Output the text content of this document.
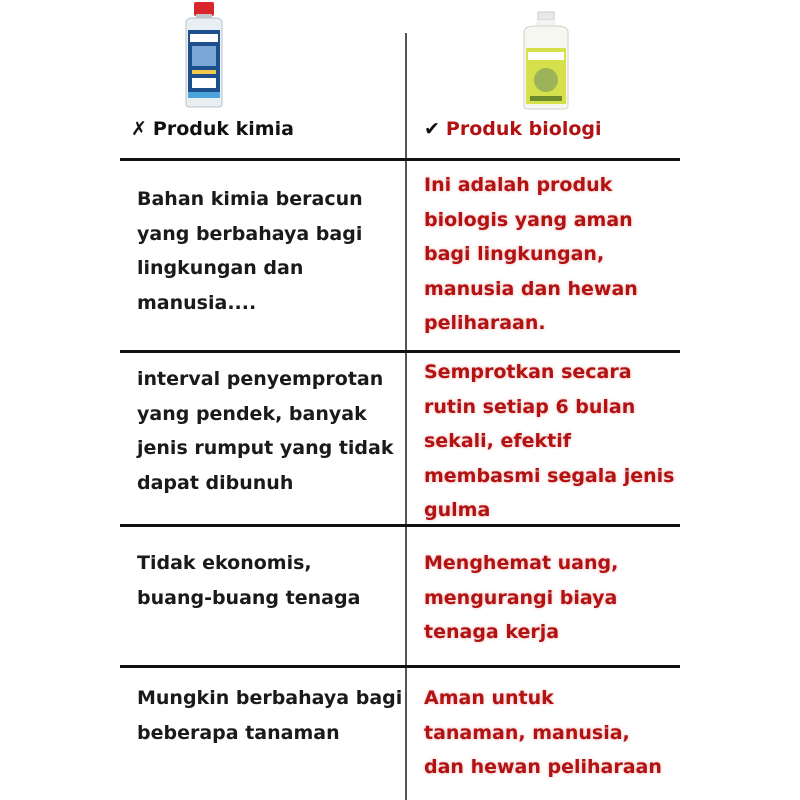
✗ Produk kimia	✔ Produk biologi
Bahan kimia beracun
yang berbahaya bagi
lingkungan dan
manusia....
Ini adalah produk
biologis yang aman
bagi lingkungan,
manusia dan hewan
peliharaan.
interval penyemprotan
yang pendek, banyak
jenis rumput yang tidak
dapat dibunuh
Semprotkan secara
rutin setiap 6 bulan
sekali, efektif
membasmi segala jenis
gulma
Tidak ekonomis,
buang-buang tenaga
Menghemat uang,
mengurangi biaya
tenaga kerja
Mungkin berbahaya bagi
beberapa tanaman
Aman untuk
tanaman, manusia,
dan hewan peliharaan
